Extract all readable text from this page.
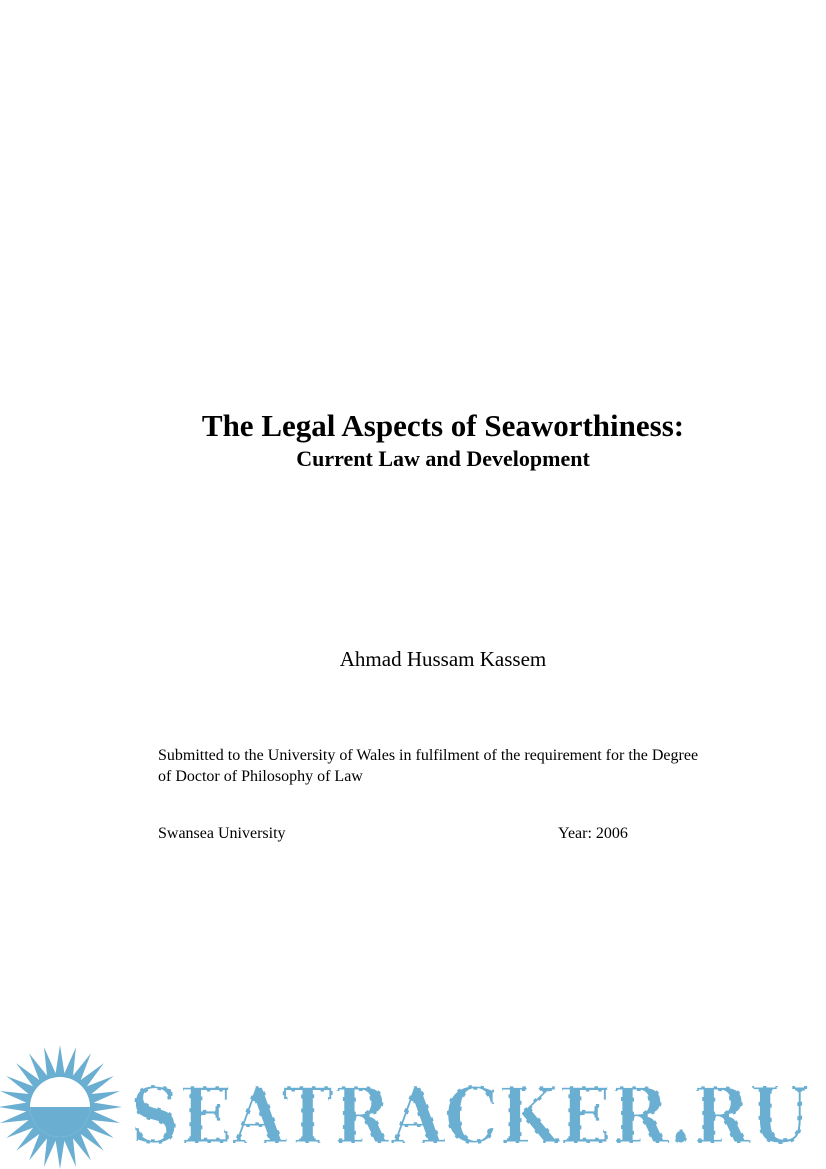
The Legal Aspects of Seaworthiness:
Current Law and Development
Ahmad Hussam Kassem
Submitted to the University of Wales in fulfilment of the requirement for the Degree
of Doctor of Philosophy of Law
Swansea University	Year: 2006
SEATRACKER.RU
